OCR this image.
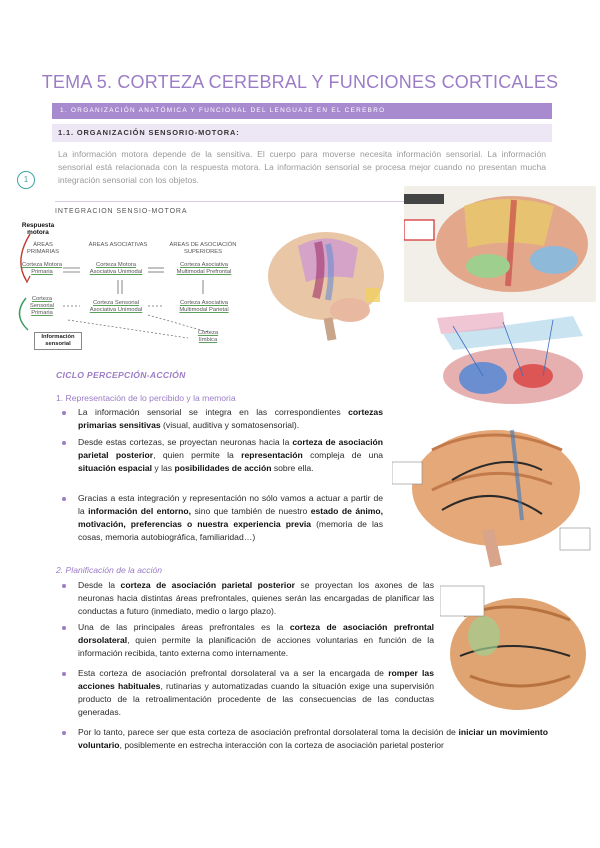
TEMA 5. CORTEZA CEREBRAL Y FUNCIONES CORTICALES
1. ORGANIZACIÓN ANATÓMICA Y FUNCIONAL DEL LENGUAJE EN EL CEREBRO
1.1. ORGANIZACIÓN SENSORIO-MOTORA:
La información motora depende de la sensitiva. El cuerpo para moverse necesita información sensorial. La información sensorial está relacionada con la respuesta motora. La información sensorial se procesa mejor cuando no presentan mucha integración sensorial con los objetos.
1
INTEGRACION SENSIO-MOTORA
Respuesta motora
ÁREAS PRIMARIAS
ÁREAS ASOCIATIVAS	ÁREAS DE ASOCIACIÓN SUPERIORES
Corteza Motora Primaria
Corteza Motora Asociativa Unimodal
Corteza Asociativa Multimodal Prefrontal
Corteza Sensorial Primaria
Corteza Sensorial Asociativa Unimodal
Corteza Asociativa Multimodal Parietal
Corteza límbica
Información sensorial
CICLO PERCEPCIÓN-ACCIÓN
1. Representación de lo percibido y la memoria
La información sensorial se integra en las correspondientes cortezas primarias sensitivas (visual, auditiva y somatosensorial).
Desde estas cortezas, se proyectan neuronas hacia la corteza de asociación parietal posterior, quien permite la representación compleja de una situación espacial y las posibilidades de acción sobre ella.
Gracias a esta integración y representación no sólo vamos a actuar a partir de la información del entorno, sino que también de nuestro estado de ánimo, motivación, preferencias o nuestra experiencia previa (memoria de las cosas, memoria autobiográfica, familiaridad…)
2. Planificación de la acción
Desde la corteza de asociación parietal posterior se proyectan los axones de las neuronas hacia distintas áreas prefrontales, quienes serán las encargadas de planificar las conductas a futuro (inmediato, medio o largo plazo).
Una de las principales áreas prefrontales es la corteza de asociación prefrontal dorsolateral, quien permite la planificación de acciones voluntarias en función de la información recibida, tanto externa como internamente.
Esta corteza de asociación prefrontal dorsolateral va a ser la encargada de romper las acciones habituales, rutinarias y automatizadas cuando la situación exige una supervisión producto de la retroalimentación procedente de las consecuencias de las conductas generadas.
Por lo tanto, parece ser que esta corteza de asociación prefrontal dorsolateral toma la decisión de iniciar un movimiento voluntario, posiblemente en estrecha interacción con la corteza de asociación parietal posterior
